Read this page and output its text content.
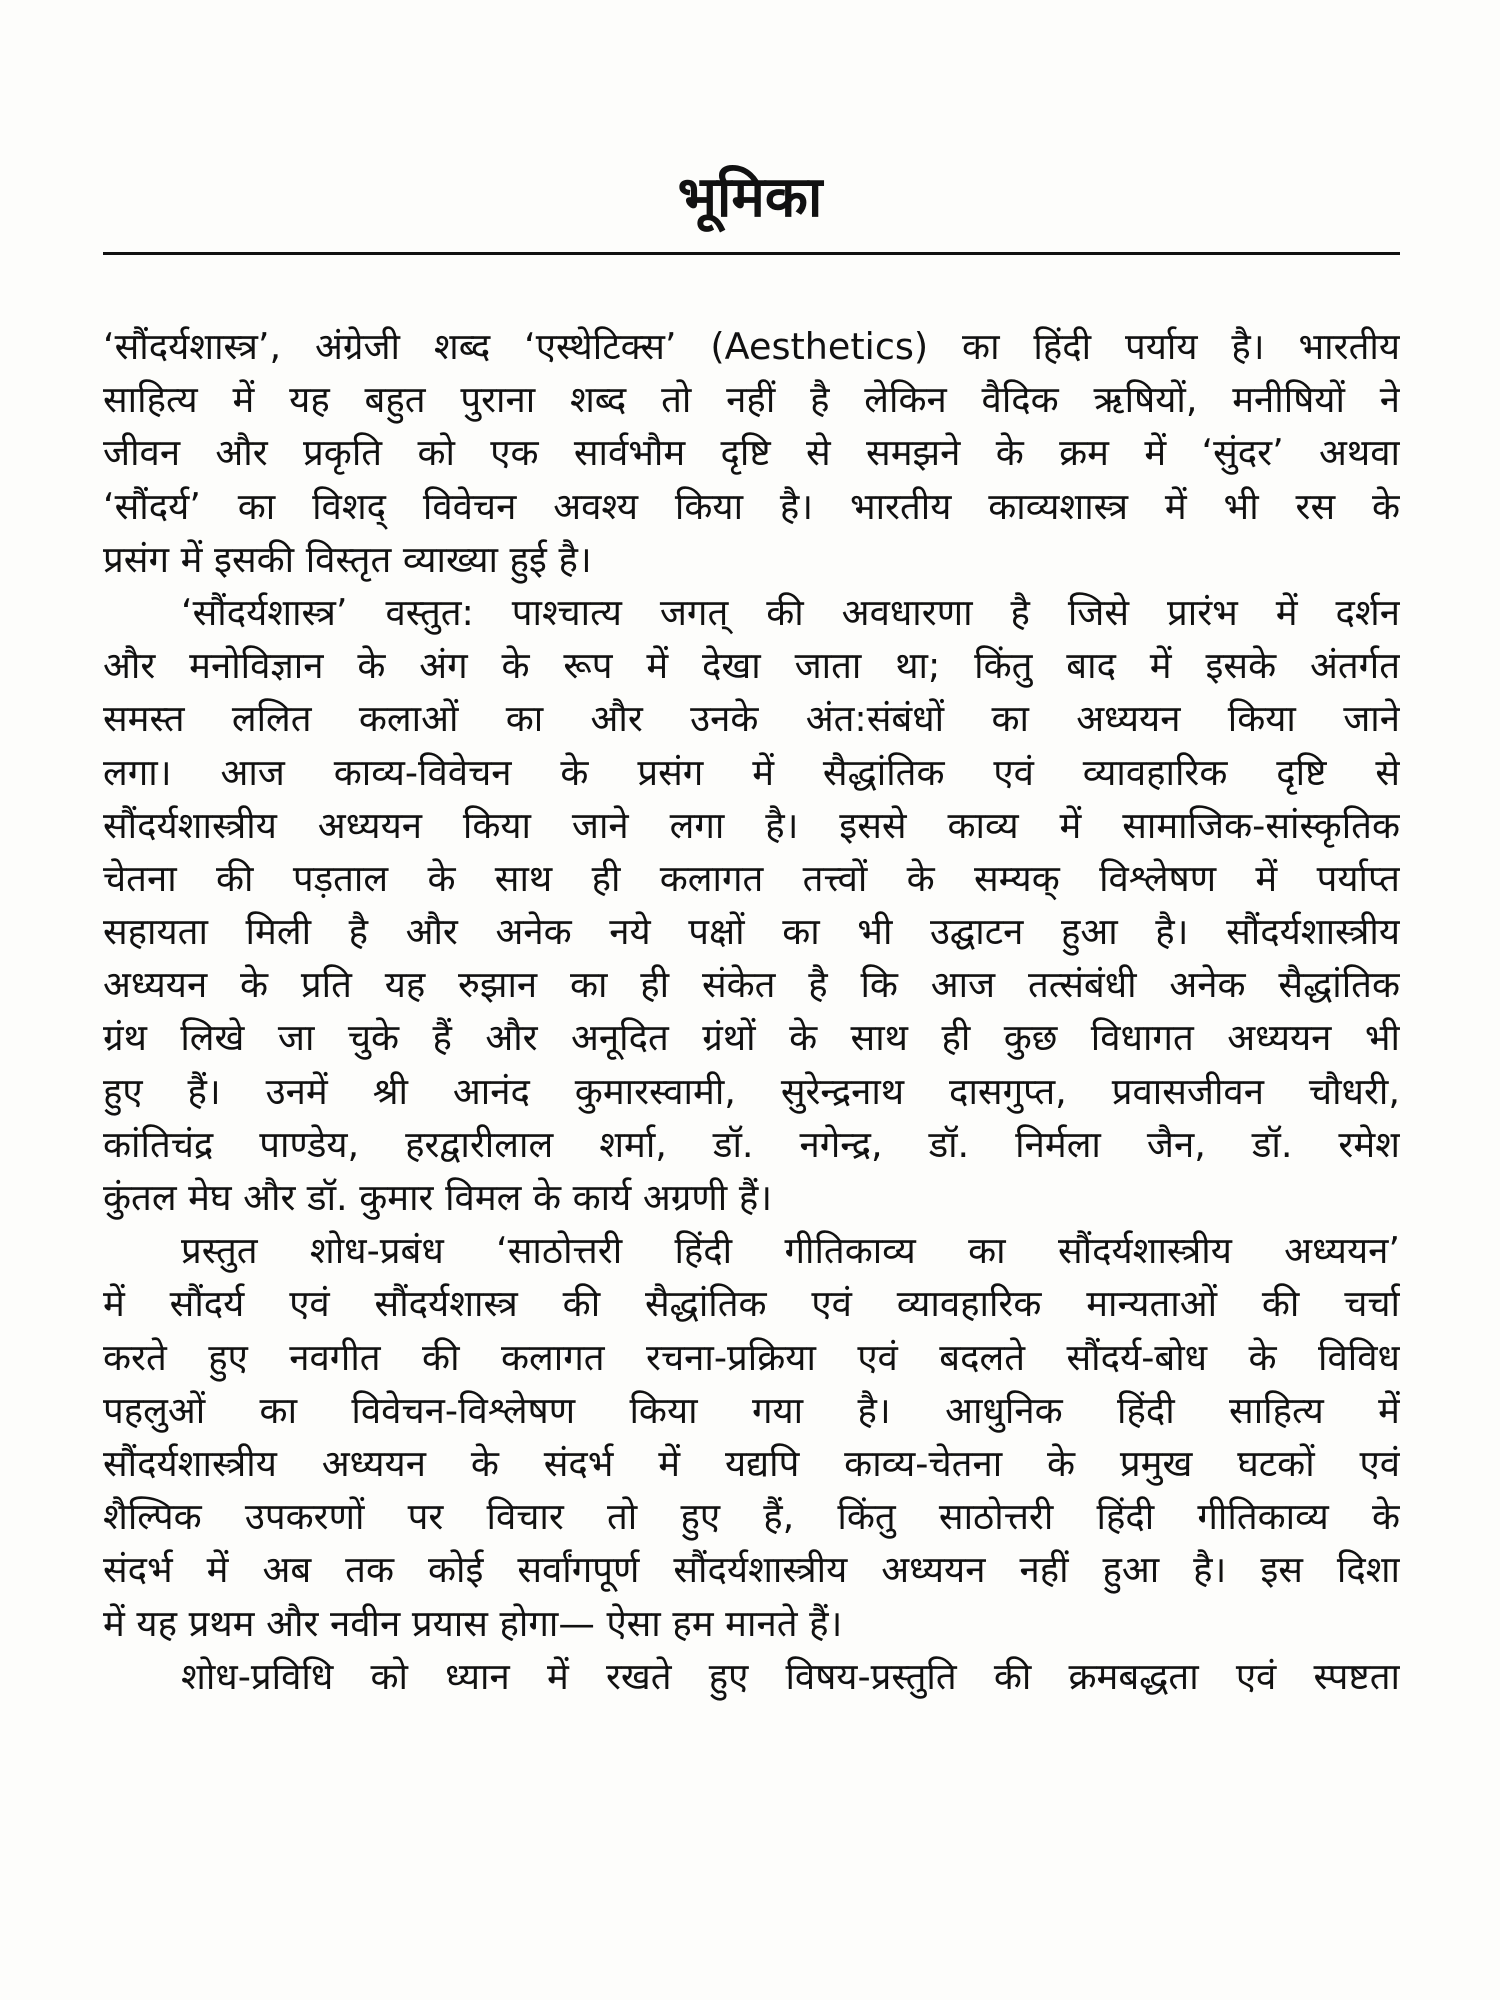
भूमिका
‘सौंदर्यशास्त्र’, अंग्रेजी शब्द ‘एस्थेटिक्स’ (Aesthetics) का हिंदी पर्याय है। भारतीय
साहित्य में यह बहुत पुराना शब्द तो नहीं है लेकिन वैदिक ऋषियों, मनीषियों ने
जीवन और प्रकृति को एक सार्वभौम दृष्टि से समझने के क्रम में ‘सुंदर’ अथवा
‘सौंदर्य’ का विशद् विवेचन अवश्य किया है। भारतीय काव्यशास्त्र में भी रस के
प्रसंग में इसकी विस्तृत व्याख्या हुई है।
‘सौंदर्यशास्त्र’ वस्तुत: पाश्चात्य जगत् की अवधारणा है जिसे प्रारंभ में दर्शन
और मनोविज्ञान के अंग के रूप में देखा जाता था; किंतु बाद में इसके अंतर्गत
समस्त ललित कलाओं का और उनके अंत:संबंधों का अध्ययन किया जाने
लगा। आज काव्य-विवेचन के प्रसंग में सैद्धांतिक एवं व्यावहारिक दृष्टि से
सौंदर्यशास्त्रीय अध्ययन किया जाने लगा है। इससे काव्य में सामाजिक-सांस्कृतिक
चेतना की पड़ताल के साथ ही कलागत तत्त्वों के सम्यक् विश्लेषण में पर्याप्त
सहायता मिली है और अनेक नये पक्षों का भी उद्घाटन हुआ है। सौंदर्यशास्त्रीय
अध्ययन के प्रति यह रुझान का ही संकेत है कि आज तत्संबंधी अनेक सैद्धांतिक
ग्रंथ लिखे जा चुके हैं और अनूदित ग्रंथों के साथ ही कुछ विधागत अध्ययन भी
हुए हैं। उनमें श्री आनंद कुमारस्वामी, सुरेन्द्रनाथ दासगुप्त, प्रवासजीवन चौधरी,
कांतिचंद्र पाण्डेय, हरद्वारीलाल शर्मा, डॉ. नगेन्द्र, डॉ. निर्मला जैन, डॉ. रमेश
कुंतल मेघ और डॉ. कुमार विमल के कार्य अग्रणी हैं।
प्रस्तुत शोध-प्रबंध ‘साठोत्तरी हिंदी गीतिकाव्य का सौंदर्यशास्त्रीय अध्ययन’
में सौंदर्य एवं सौंदर्यशास्त्र की सैद्धांतिक एवं व्यावहारिक मान्यताओं की चर्चा
करते हुए नवगीत की कलागत रचना-प्रक्रिया एवं बदलते सौंदर्य-बोध के विविध
पहलुओं का विवेचन-विश्लेषण किया गया है। आधुनिक हिंदी साहित्य में
सौंदर्यशास्त्रीय अध्ययन के संदर्भ में यद्यपि काव्य-चेतना के प्रमुख घटकों एवं
शैल्पिक उपकरणों पर विचार तो हुए हैं, किंतु साठोत्तरी हिंदी गीतिकाव्य के
संदर्भ में अब तक कोई सर्वांगपूर्ण सौंदर्यशास्त्रीय अध्ययन नहीं हुआ है। इस दिशा
में यह प्रथम और नवीन प्रयास होगा— ऐसा हम मानते हैं।
शोध-प्रविधि को ध्यान में रखते हुए विषय-प्रस्तुति की क्रमबद्धता एवं स्पष्टता
